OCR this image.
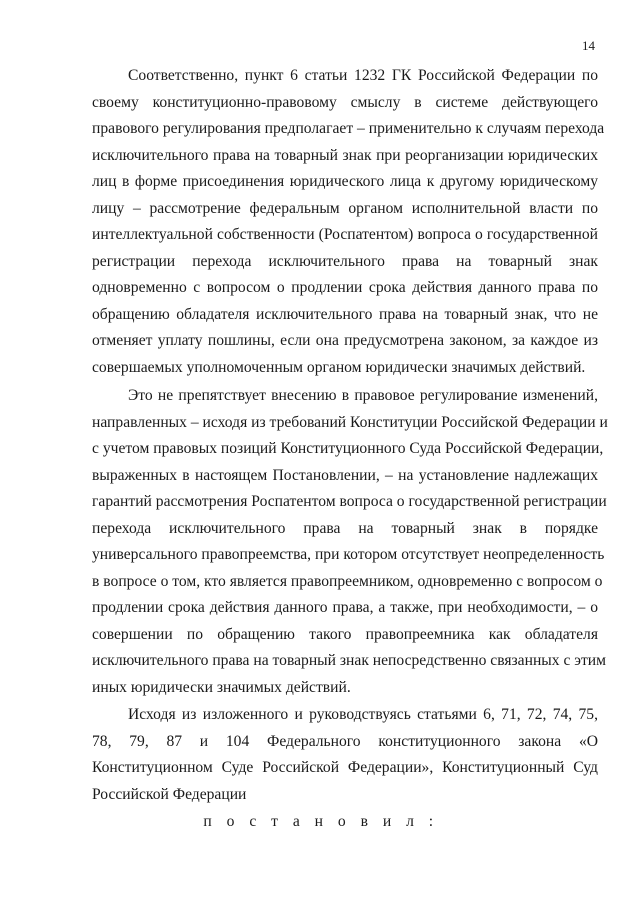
14
Соответственно, пункт 6 статьи 1232 ГК Российской Федерации по
своему конституционно-правовому смыслу в системе действующего
правового регулирования предполагает – применительно к случаям перехода
исключительного права на товарный знак при реорганизации юридических
лиц в форме присоединения юридического лица к другому юридическому
лицу – рассмотрение федеральным органом исполнительной власти по
интеллектуальной собственности (Роспатентом) вопроса о государственной
регистрации перехода исключительного права на товарный знак
одновременно с вопросом о продлении срока действия данного права по
обращению обладателя исключительного права на товарный знак, что не
отменяет уплату пошлины, если она предусмотрена законом, за каждое из
совершаемых уполномоченным органом юридически значимых действий.
Это не препятствует внесению в правовое регулирование изменений,
направленных – исходя из требований Конституции Российской Федерации и
с учетом правовых позиций Конституционного Суда Российской Федерации,
выраженных в настоящем Постановлении, – на установление надлежащих
гарантий рассмотрения Роспатентом вопроса о государственной регистрации
перехода исключительного права на товарный знак в порядке
универсального правопреемства, при котором отсутствует неопределенность
в вопросе о том, кто является правопреемником, одновременно с вопросом о
продлении срока действия данного права, а также, при необходимости, – о
совершении по обращению такого правопреемника как обладателя
исключительного права на товарный знак непосредственно связанных с этим
иных юридически значимых действий.
Исходя из изложенного и руководствуясь статьями 6, 71, 72, 74, 75,
78, 79, 87 и 104 Федерального конституционного закона «О
Конституционном Суде Российской Федерации», Конституционный Суд
Российской Федерации
п о с т а н о в и л :
